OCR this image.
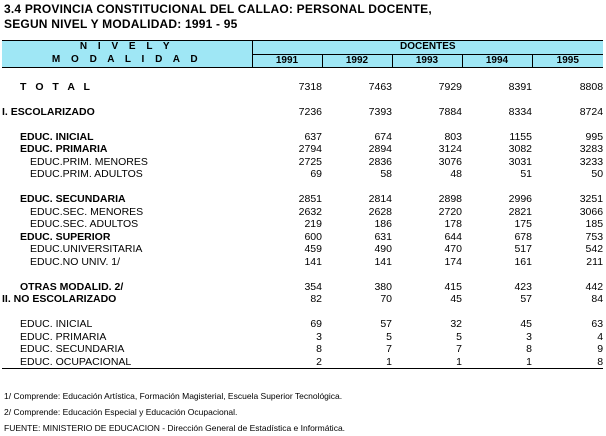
3.4 PROVINCIA CONSTITUCIONAL DEL CALLAO: PERSONAL DOCENTE,
SEGUN NIVEL Y MODALIDAD: 1991 - 95
N I V E L Y	DOCENTES				
M O D A L I D A D	1991	1992	1993	1994	1995

T O T A L	7318	7463	7929	8391	8808

I. ESCOLARIZADO	7236	7393	7884	8334	8724

EDUC. INICIAL	637	674	803	1155	995
EDUC. PRIMARIA	2794	2894	3124	3082	3283
EDUC.PRIM. MENORES	2725	2836	3076	3031	3233
EDUC.PRIM. ADULTOS	69	58	48	51	50

EDUC. SECUNDARIA	2851	2814	2898	2996	3251
EDUC.SEC. MENORES	2632	2628	2720	2821	3066
EDUC.SEC. ADULTOS	219	186	178	175	185
EDUC. SUPERIOR	600	631	644	678	753
EDUC.UNIVERSITARIA	459	490	470	517	542
EDUC.NO UNIV. 1/	141	141	174	161	211

OTRAS MODALID. 2/	354	380	415	423	442
II. NO ESCOLARIZADO	82	70	45	57	84

EDUC. INICIAL	69	57	32	45	63
EDUC. PRIMARIA	3	5	5	3	4
EDUC. SECUNDARIA	8	7	7	8	9
EDUC. OCUPACIONAL	2	1	1	1	8
1/ Comprende: Educación Artística, Formación Magisterial, Escuela Superior Tecnológica.
2/ Comprende: Educación Especial y Educación Ocupacional.
FUENTE: MINISTERIO DE EDUCACION - Dirección General de Estadística e Informática.
